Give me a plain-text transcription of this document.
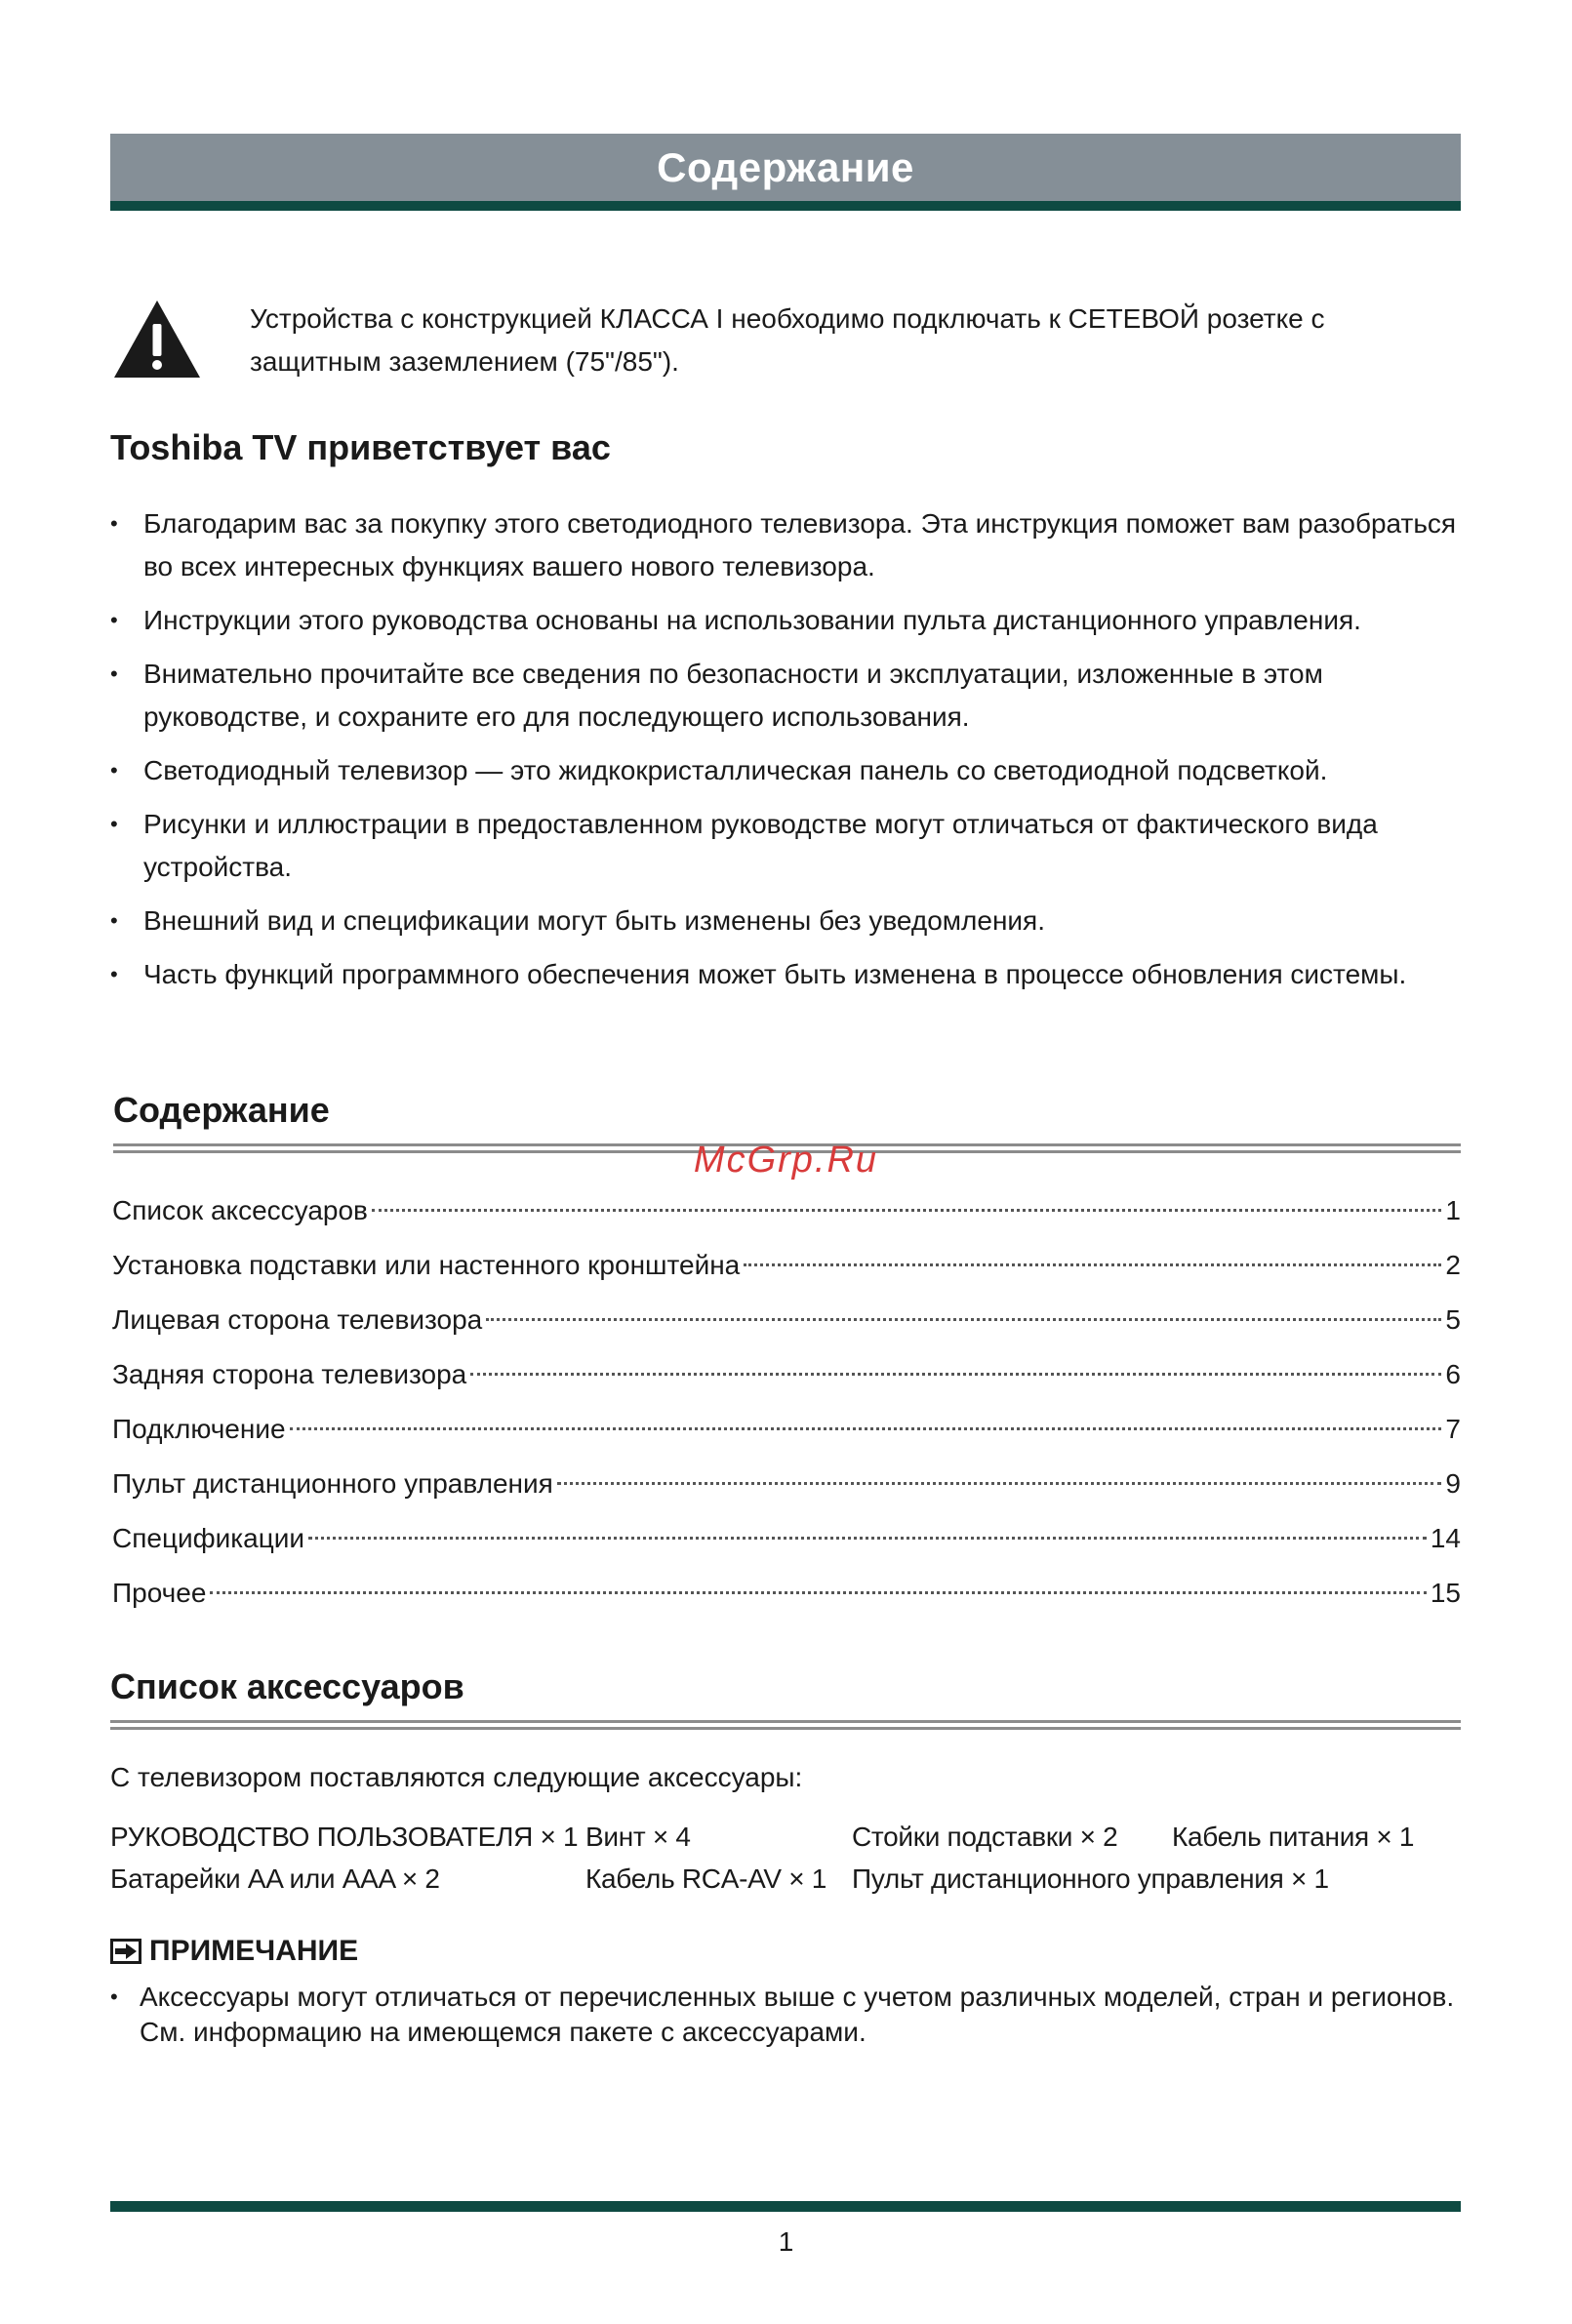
Содержание
Устройства с конструкцией КЛАССА I необходимо подключать к СЕТЕВОЙ розетке с защитным заземлением (75"/85").
Toshiba TV приветствует вас
• Благодарим вас за покупку этого светодиодного телевизора. Эта инструкция поможет вам разобраться во всех интересных функциях вашего нового телевизора.
• Инструкции этого руководства основаны на использовании пульта дистанционного управления.
• Внимательно прочитайте все сведения по безопасности и эксплуатации, изложенные в этом руководстве, и сохраните его для последующего использования.
• Светодиодный телевизор — это жидкокристаллическая панель со светодиодной подсветкой.
• Рисунки и иллюстрации в предоставленном руководстве могут отличаться от фактического вида устройства.
• Внешний вид и спецификации могут быть изменены без уведомления.
• Часть функций программного обеспечения может быть изменена в процессе обновления системы.
Содержание
McGrp.Ru
Список аксессуаров	1
Установка подставки или настенного кронштейна	2
Лицевая сторона телевизора	5
Задняя сторона телевизора	6
Подключение	7
Пульт дистанционного управления	9
Спецификации	14
Прочее	15
Список аксессуаров
С телевизором поставляются следующие аксессуары:
РУКОВОДСТВО ПОЛЬЗОВАТЕЛЯ × 1 Винт × 4	Стойки подставки × 2 Кабель питания × 1
Батарейки AA или AAA × 2	Кабель RCA-AV × 1 Пульт дистанционного управления × 1
ПРИМЕЧАНИЕ
• Аксессуары могут отличаться от перечисленных выше с учетом различных моделей, стран и регионов. См. информацию на имеющемся пакете с аксессуарами.
1
